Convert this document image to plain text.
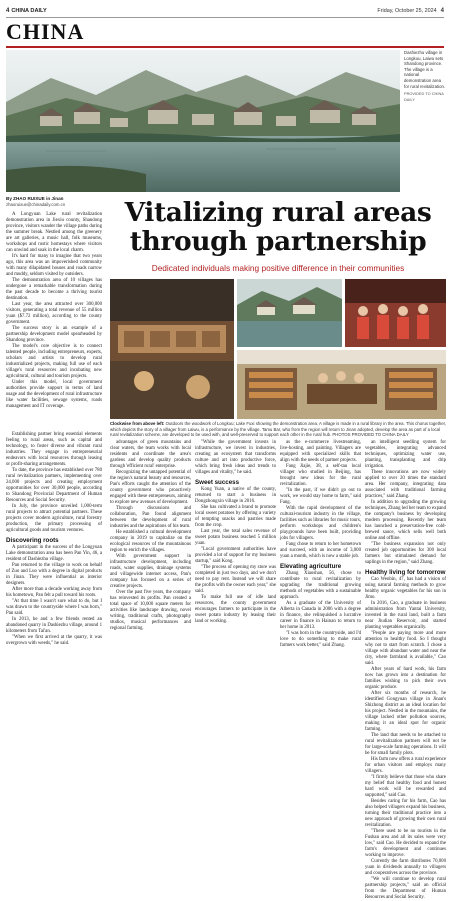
4 CHINA DAILY	Friday, October 25, 2024 4
CHINA
Dashiezhu village in Longkou, Laiwu sets Shandong province. The village is a national demonstration area for rural revitalization.
PROVIDED TO CHINA DAILY
By ZHAO RUIXUE in Jinan
zhaoruixue@chinadaily.com.cn	Vitalizing rural areas through partnership
Dedicated individuals making positive difference in their communities
Clockwise from above left: Outdoors the woodwork of Longkou; Lake Fuxi showing the demonstration area. A village is made in a rural library in the area. This chorus together, which depicts the story of a villager from Laiwu, is a performance by the village. Tamu Bar, who from the region will return to Jinan adopted, develop the area as part of a local rural revitalization scheme, are developed to be used with, and well-preserved to support each other in the rural hub. PHOTOS PROVIDED TO CHINA DAILY

A Longyuan Lake rural revitalization demonstration area in Jiexiu county, Shandong province, visitors wander the village paths during the summer break. Nestled among the greenery are art galleries, a music hall, folk museums, workshops and rustic homestays where visitors can unwind and soak in the local charm.

It's hard for many to imagine that two years ago, this area was an impoverished community with many dilapidated houses and roads narrow and muddy, seldom visited by outsiders.

The demonstration area of 10 villages has undergone a remarkable transformation during the past decade to become a thriving tourist destination.

Last year, the area attracted over 300,000 visitors, generating a total revenue of 55 million yuan ($7.72 million), according to the county government.

The success story is an example of a partnership development model spearheaded by Shandong province.

The model's core objective is to connect talented people, including entrepreneurs, experts, scholars and artists to develop rural industrialized projects, making full use of each village's rural resources and incubating new agricultural, cultural and tourism projects.

Under this model, local government authorities provide support in terms of land usage and the development of rural infrastructure like water facilities, sewage systems, roads management and IT coverage.

Establishing partner bring essential elements feeling to rural areas, such as capital and technology, to foster diverse and vibrant rural industries. They engage in entrepreneurial endeavors with local resources through leasing or profit-sharing arrangements.

To date, the province has established over 780 rural revitalization partners, implementing over 24,000 projects and creating employment opportunities for over 30,000 people, according to Shandong Provincial Department of Human Resources and Social Security.

In July, the province unveiled 1,000-term rural projects to attract potential partners. These projects cover modern agriculture, rural forestry production, the primary processing of agricultural goods and tourism ventures.

Discovering roots

A participant in the success of the Longyuan Lake demonstration area has been Pan Yin, 46, a resident of Dashiezhu village.

Pan returned to the village to work on behalf of Zuo and Luo with a degree in digital products in Jinan. They were influential as interior designers.

After more than a decade working away from his hometown, Pan felt a pull toward his roots.

"At that time I wasn't sure what to do, but I was drawn to the countryside where I was born," Pan said.

In 2013, he and a few friends rented an abandoned quarry in Dashiezhu village, around 1 kilometers from Tai'an.

"When we first arrived at the quarry, it was overgrown with weeds," he said.

advantages of green mountains and clear waters, the team works with local residents and coordinate the area's gardens and develop quality products through 'efficient rural' enterprise.

Recognizing the untapped potential of the region's natural beauty and resources, Pan's efforts caught the attention of the county government who proactively engaged with these entrepreneurs, aiming to explore new avenues of development.

Through discussions and collaboration, Pan found alignment between the development of rural industries and the aspirations of his team.

He established a cultural development company in 2019 to capitalize on the ecological resources of the mountainous region to enrich the villages.

With government support in infrastructure development, including roads, water supplies, drainage systems and villagewide internet access, Pan's company has focused on a series of creative projects.

Over the past five years, the company has reinvested its profits. Pan created a total space of 10,000 square meters for activities like landscape drawing, novel writing, traditional crafts, photography studios, musical performances and regional farming.

"While the government invests in infrastructure, we invest in industries, creating an ecosystem that transforms culture and art into productive force, which bring fresh ideas and trends to villages and vitality," he said.

Sweet success

Kong Yuan, a native of the county, returned to start a business in Dongzhongxin village in 2016.

She has cultivated a brand to promote local sweet potatoes by offering a variety of tempting snacks and pastries made from the crop.

Last year, the total sales revenue of sweet potato business reached 5 million yuan.

"Local government authorities have provided a lot of support for my business startup," said Kong.

"The process of opening my store was completed in just two days, and we don't need to pay rent. Instead we will share the profits with the owner each year," she said.

To make full use of idle land resources, the county government encourages farmers to participate in the sweet potato industry by leasing their land or working.

as the e-commerce livestreaming, live-hosting, and painting. Villagers are equipped with specialized skills that align with the needs of partner projects.

Fang Jiajie, 38, a self-tau local villager who studied in Beijing, has brought new ideas for the rural revitalization.

"In the past, if we didn't go out to work, we would stay home to farm," said Fang.

With the rapid development of the cultural-tourism industry in the village, facilities such as libraries for music tours, perform workshops and children's playgrounds have been built, providing jobs for villagers.

Fang chose to return to her hometown and succeed, with an income of 3,000 yuan a month, which is now a stable job.

Elevating agriculture

Zhang Xiaoshan, 56, chose to contribute to rural revitalization by upgrading the traditional growing methods of vegetables with a sustainable approach.

As a graduate of the University of Alberta in Canada in 2006 with a degree in finance, she relinquished a lucrative career in finance in Hainan to return to her home in 2013.

"I was born in the countryside, and I'd love to do something to make rural farmers work better," said Zhang.

an intelligent seedling system for vegetables, integrating advanced techniques, optimizing water use, planting, transplanting and drip irrigation.

These innovations are now widely applied to over 20 times the standard area. Her company, integrating data associated with traditional farming practices," said Zhang.

In addition to upgrading the growing techniques, Zhang led her team to expand the company's business by developing modern processing. Recently her team has launched a preservation-free cold-brewed sauce, which sells well both online and offline.

"The business expansion not only created job opportunities for 300 local farmers but stimulated demand for saplings in the region," said Zhang.

Healthy living for tomorrow

Cao Wenbin, 47, has had a vision of using natural farming methods to grow healthy organic vegetables for his son in Jimo.

In 2016, Cao, a graduate in business administration from Yantai University, invested in the rural land, built a farm near Jiudian Reservoir, and started planting vegetables organically.

"People are paying more and more attention to healthy food. So I thought why not to start from scratch. I chose a village with abundant water and near the city, where farmland is available," Cao said.

After years of hard work, his farm now has grown into a destination for families wishing to pick their own organic produce.

After six months of research, he identified Gongyuan village in Jinan's Shizhong district as an ideal location for his project. Nestled in the mountains, the village lacked other pollution sources, making it an ideal spot for organic farming.

The land that needs to be attached to rural revitalization partners will not be for large-scale farming operations. It will be for small family plots.

His farm now offers a rural experience for urban visitors and employs many villagers.

"I firmly believe that those who share my belief that healthy food and honest hard work will be rewarded and supported," said Cao.

Besides caring for his farm, Cao has also helped villagers expand his business, turning their traditional practice into a new approach of growing their own rural revitalization.

"There used to be no tourists in the Fushan area and all its sales were very low," said Cao. He decided to expand the farm's development and continues working to improve.

Currently the farm distributes 70,000 yuan in dividends annually to villagers and cooperatives across the province.

"We will continue to develop rural partnership projects," said an official from the Department of Human Resources and Social Security.
